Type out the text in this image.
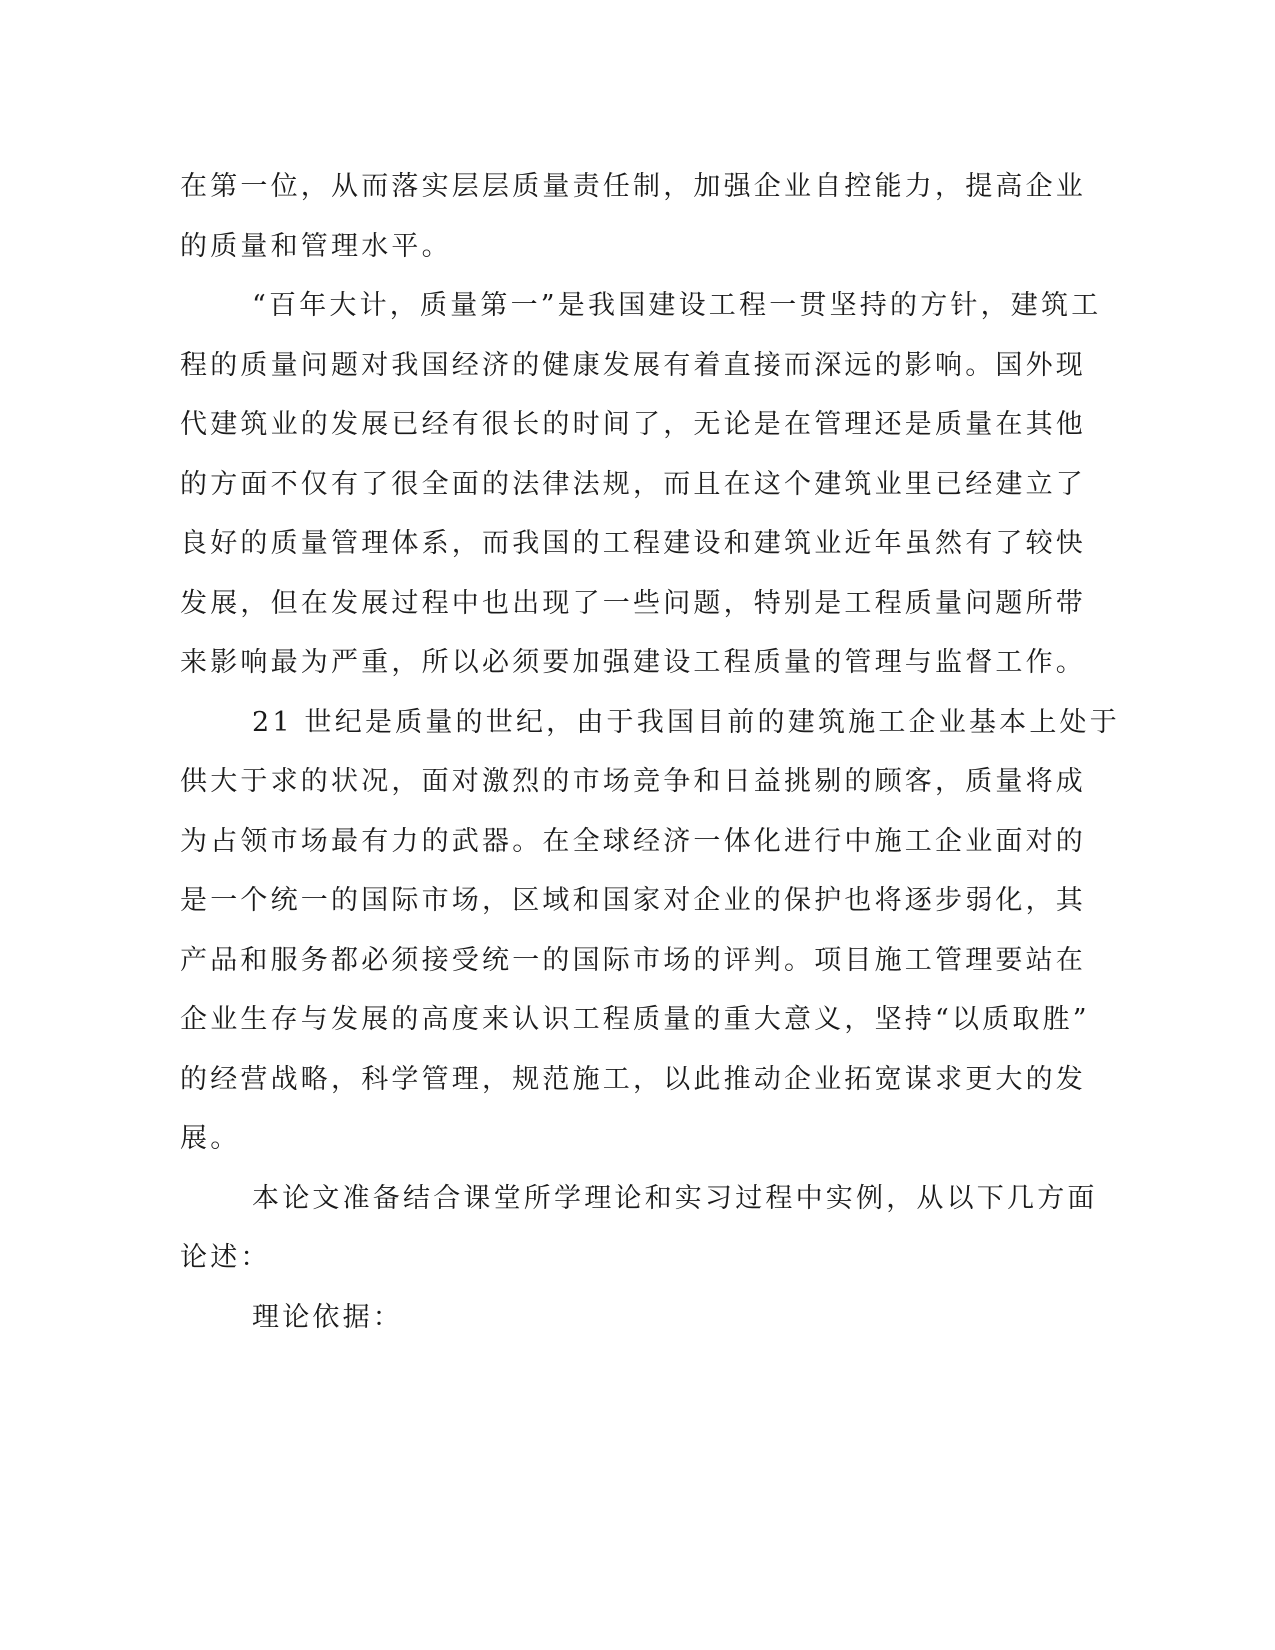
在第一位，从而落实层层质量责任制，加强企业自控能力，提高企业
的质量和管理水平。
“百年大计，质量第一”是我国建设工程一贯坚持的方针，建筑工
程的质量问题对我国经济的健康发展有着直接而深远的影响。国外现
代建筑业的发展已经有很长的时间了，无论是在管理还是质量在其他
的方面不仅有了很全面的法律法规，而且在这个建筑业里已经建立了
良好的质量管理体系，而我国的工程建设和建筑业近年虽然有了较快
发展，但在发展过程中也出现了一些问题，特别是工程质量问题所带
来影响最为严重，所以必须要加强建设工程质量的管理与监督工作。
21 世纪是质量的世纪，由于我国目前的建筑施工企业基本上处于
供大于求的状况，面对激烈的市场竞争和日益挑剔的顾客，质量将成
为占领市场最有力的武器。在全球经济一体化进行中施工企业面对的
是一个统一的国际市场，区域和国家对企业的保护也将逐步弱化，其
产品和服务都必须接受统一的国际市场的评判。项目施工管理要站在
企业生存与发展的高度来认识工程质量的重大意义，坚持“以质取胜”
的经营战略，科学管理，规范施工，以此推动企业拓宽谋求更大的发
展。
本论文准备结合课堂所学理论和实习过程中实例，从以下几方面
论述：
理论依据：
